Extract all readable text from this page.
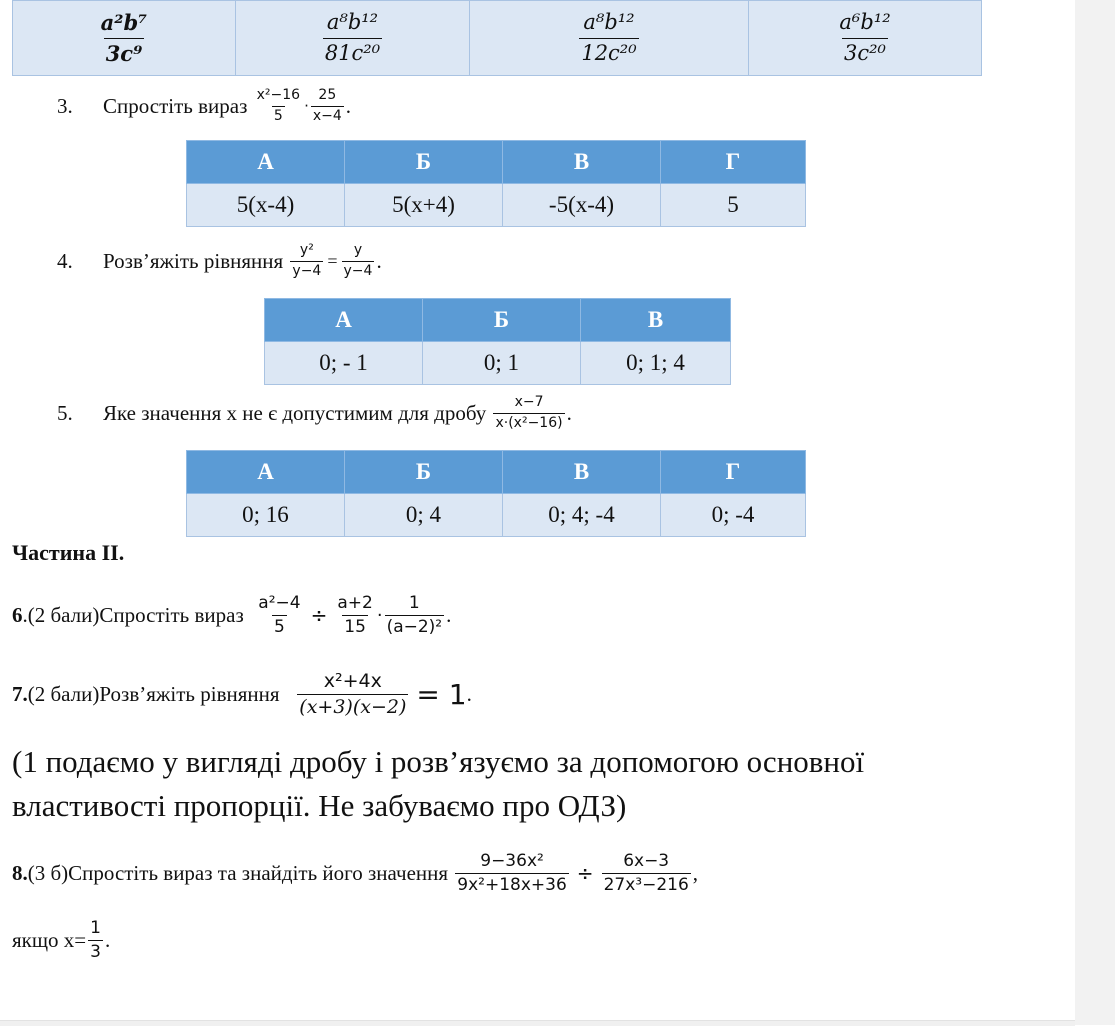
$\frac{\text{a²b⁷}}{\text{3c⁹}}$	$\frac{\text{a⁸b¹²}}{\text{81c²⁰}}$	$\frac{\text{a⁸b¹²}}{\text{12c²⁰}}$	$\frac{\text{a⁶b¹²}}{\text{3c²⁰}}$
3.	Спростіть вираз
$\frac{\text{x²−16}}{5} \cdot \frac{25}{x-4}$ .
А	Б	В	Г
5(x-4)	5(x+4)	-5(x-4)	5
4.	Розв’яжіть рівняння
$\frac{\text{y²}}{y-4} = \frac{y}{y-4}$ .
А	Б	В
0; - 1	0; 1	0; 1; 4
5.	Яке значення х не є допустимим для дробу
$\frac{x-7}{\text{x·(x²−16)}}$ .
А	Б	В	Г
0; 16	0; 4	0; 4; -4	0; -4
Частина ІІ.
6 .(2 бали)Спростіть вираз
$\frac{\text{a²−4}}{5} \div \frac{a+2}{15} \cdot \frac{1}{\text{(a−2)²}}$ .
7. (2 бали)Розв’яжіть рівняння
$\frac{\text{x²+4x}}{(x+3)(x-2)} = 1$ .
(1 подаємо у вигляді дробу і розв’язуємо за допомогою основної властивості пропорції. Не забуваємо про ОДЗ)
8. (3 б)Спростіть вираз та знайдіть його значення
$\frac{\text{9−36x²}}{\text{9x²+18x+36}} \div \frac{6x-3}{\text{27x³−216}}$ ,
якщо $х= \frac{1}{3}$ .
